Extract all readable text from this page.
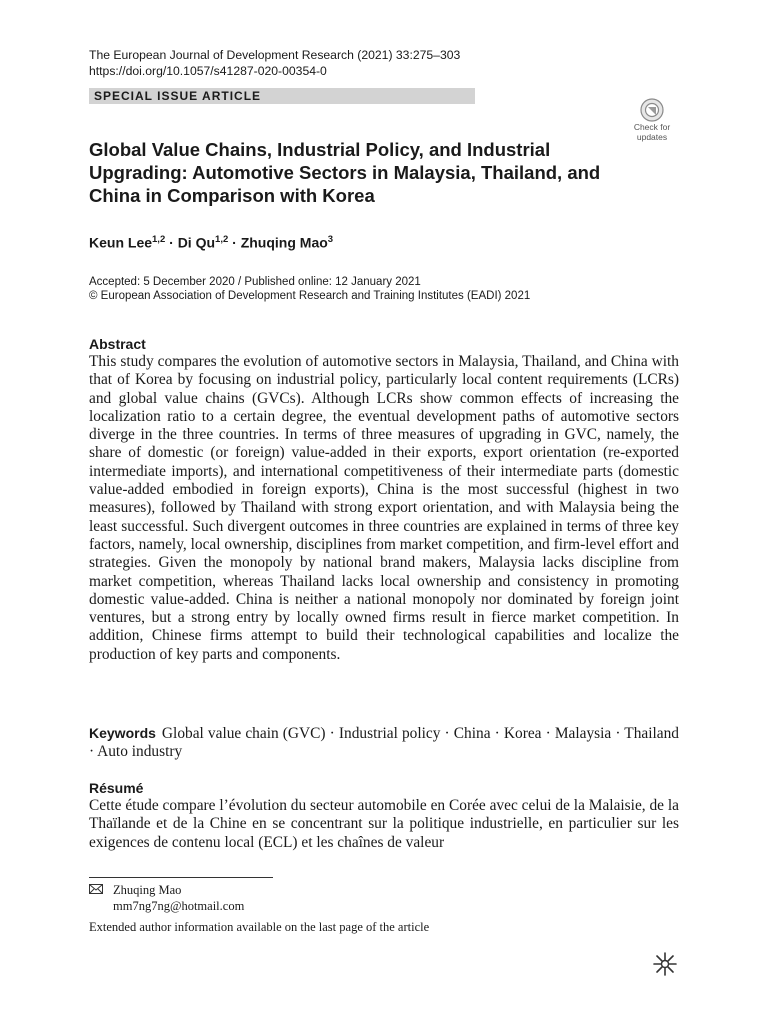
The European Journal of Development Research (2021) 33:275–303
https://doi.org/10.1057/s41287-020-00354-0
SPECIAL ISSUE ARTICLE
Check for
updates
Global Value Chains, Industrial Policy, and Industrial Upgrading: Automotive Sectors in Malaysia, Thailand, and China in Comparison with Korea
Keun Lee$^{1,2}$ · Di Qu$^{1,2}$ · Zhuqing Mao$^3$
Accepted: 5 December 2020 / Published online: 12 January 2021
© European Association of Development Research and Training Institutes (EADI) 2021
Abstract

This study compares the evolution of automotive sectors in Malaysia, Thailand, and China with that of Korea by focusing on industrial policy, particularly local content requirements (LCRs) and global value chains (GVCs). Although LCRs show common effects of increasing the localization ratio to a certain degree, the eventual development paths of automotive sectors diverge in the three countries. In terms of three measures of upgrading in GVC, namely, the share of domestic (or foreign) value-added in their exports, export orientation (re-exported intermediate imports), and international competitiveness of their intermediate parts (domestic value-added embodied in foreign exports), China is the most successful (highest in two measures), followed by Thailand with strong export orientation, and with Malaysia being the least successful. Such divergent outcomes in three countries are explained in terms of three key factors, namely, local ownership, disciplines from market competition, and firm-level effort and strategies. Given the monopoly by national brand makers, Malaysia lacks discipline from market competition, whereas Thailand lacks local ownership and consistency in promoting domestic value-added. China is neither a national monopoly nor dominated by foreign joint ventures, but a strong entry by locally owned firms result in fierce market competition. In addition, Chinese firms attempt to build their technological capabilities and localize the production of key parts and components.

Keywords Global value chain (GVC) · Industrial policy · China · Korea · Malaysia · Thailand · Auto industry

Résumé

Cette étude compare l’évolution du secteur automobile en Corée avec celui de la Malaisie, de la Thaïlande et de la Chine en se concentrant sur la politique industrielle, en particulier sur les exigences de contenu local (ECL) et les chaînes de valeur

Zhuqing Mao
mm7ng7ng@hotmail.com
Extended author information available on the last page of the article
